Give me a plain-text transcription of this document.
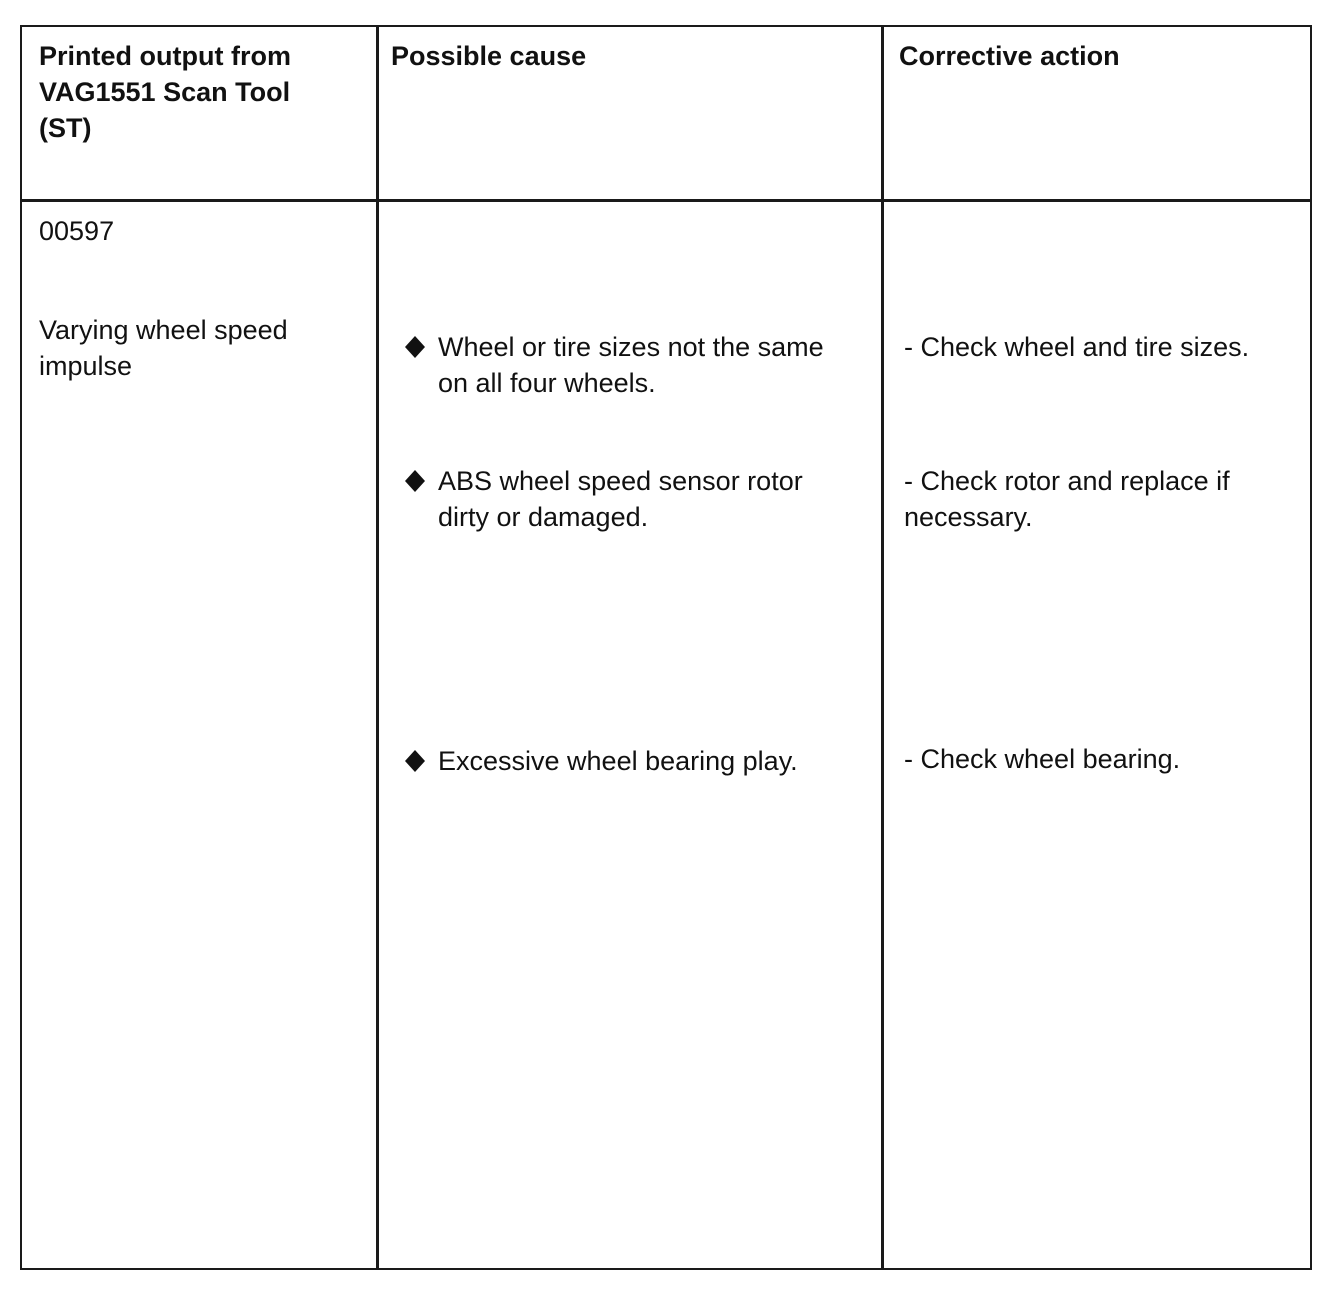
Printed output from
VAG1551 Scan Tool
(ST)
Possible cause	Corrective action
00597
Varying wheel speed
impulse
Wheel or tire sizes not the same
on all four wheels.
ABS wheel speed sensor rotor
dirty or damaged.
Excessive wheel bearing play.
- Check wheel and tire sizes.
- Check rotor and replace if
necessary.
- Check wheel bearing.
